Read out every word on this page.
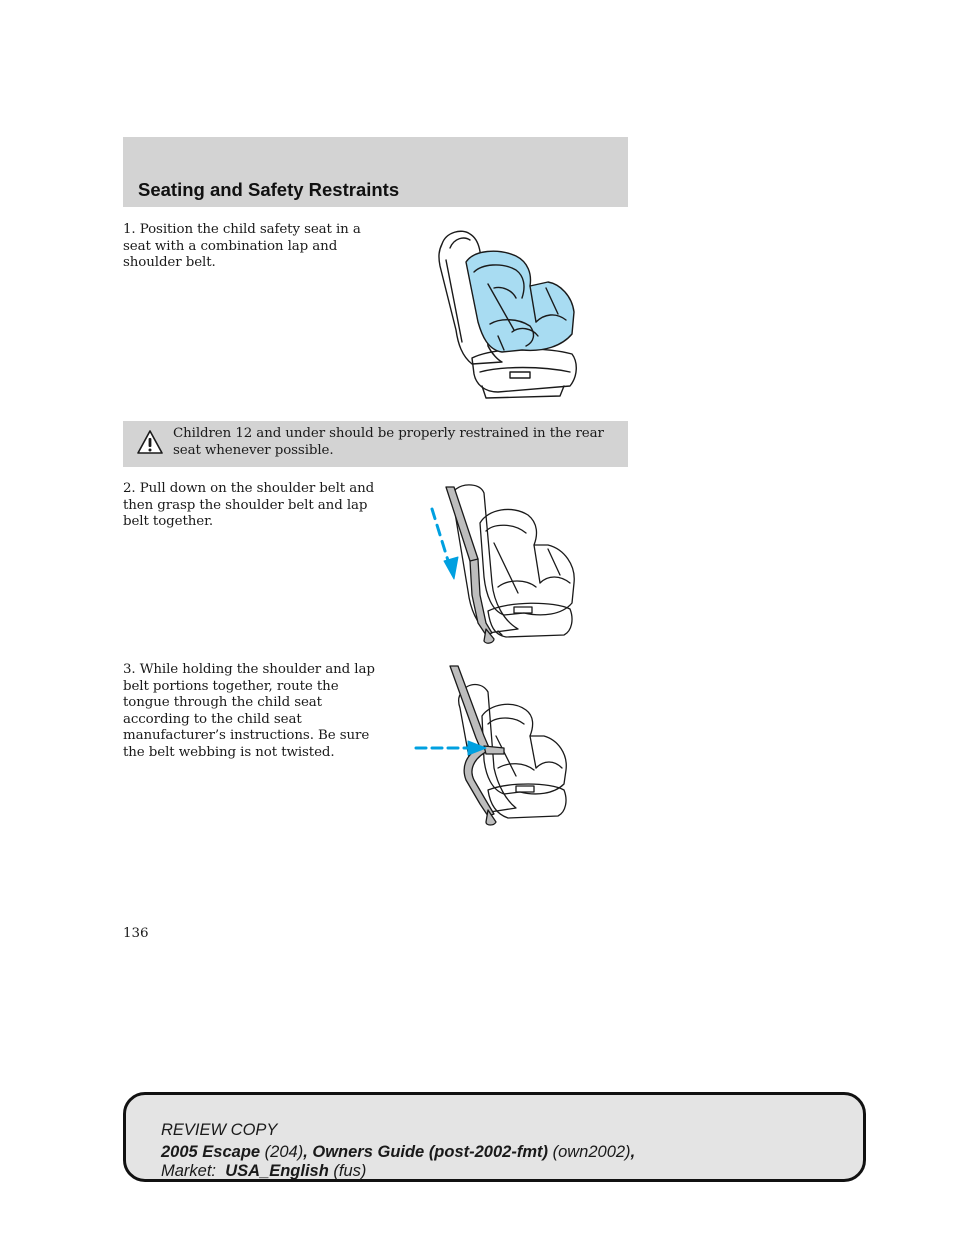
Seating and Safety Restraints

1. Position the child safety seat in a seat with a combination lap and shoulder belt.

Children 12 and under should be properly restrained in the rear seat whenever possible.

2. Pull down on the shoulder belt and then grasp the shoulder belt and lap belt together.

3. While holding the shoulder and lap belt portions together, route the tongue through the child seat according to the child seat manufacturer’s instructions. Be sure the belt webbing is not twisted.

136
REVIEW COPY
2005 Escape (204), Owners Guide (post-2002-fmt) (own2002),
Market:  USA_English (fus)
